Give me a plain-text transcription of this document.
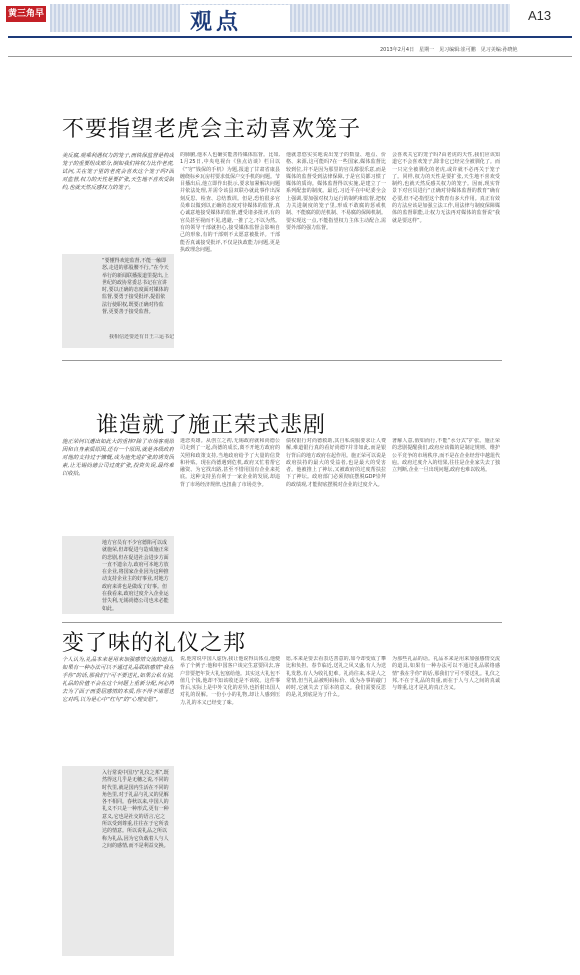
黄三角早报	观点	A13
2013年2月4日　星期一　见习编辑:崔可鹏　见习美编:孙晓艳
不要指望老虎会主动喜欢笼子
美反腐,观乘利遇权力的笼子,而铁保监督是构成笼子的重要组成部分,倒如我们将权力比作老虎,试问,关在笼子里的老虎会喜欢这个笼子吗?面对监督,权力的天性是要扩张,天生地不喜欢受制约,也就天然反感权力的笼子。

“要懂得欢迎监督,不能一触即怒,走进的那股腰不行。”在今天举行的新闻联播报道里提出,上世纪的政协常委总书记在宣讲时,要以正确的态度面对媒体的监督,要勇于接受批评,提倡依法行使职权,既要正确对待监督,更要善于接受监督。

的肺腑,他本人也确实能善待媒体监督。比如,1月25日,中央电视台《焦点访谈》栏目以《“穷”钱保的手机》为题,报道了甘肃省康县缠绕标乡瓦房村要求低保户交手机的问题。节目播出后,他立即作出批示,要求加紧解决问题并依法处理,并需令该县双联办就此事作出深刻反思、检查、总结教训。但是,恐怕很多官员难以做到以正确的态度对待媒体的监督,真心诚意地接受媒体的监督,遭受诸多批评,有的官员甚至视而不见,逃避,一推了之,不以为然。有的领导干部就担心,接受媒体监督会影响自己的形象,有的干部则不太愿意被批评。干部能否真诚接受批评,不仅是执政能力问题,更是执政理念问题。
他就忽悠实实地说出笼子的数量、地点、价格、来源,这可能吗?在一些国家,媒体监督比较到位,并不是因为那里的官员都很乐意,而是媒体的监督受到法律保障,于是官员都习惯了媒体的质询。媒体监督得以实施,是建立了一系列配套的制度。最近,习近平在中纪委全会上强调,要加强对权力运行的制约和监督,把权力关进制度的笼子里,形成不敢腐的惩戒机制、不能腐的防范机制、不易腐的保障机制。要实现这一点,不能指望权力主体主动配合,需要外部的强力监督。
会喜欢关它的笼子吗?由老虎的天性,我们应该知道它不会喜欢笼子,除非它已经完全被驯化了。而一只完全被驯化的老虎,或许就不必再关于笼子了。同样,权力的天性是要扩张,天生地不喜欢受制约,也就天然反感关权力的笼子。因而,现实背景下对官员进行“正确对待媒体监督的教育”确有必要,但不必指望这个教育有多大作用。真正有效的方法应该是加强立法工作,用法律与制度保障媒体的监督职能,让权力无法再对媒体的监督说“我就是要这样”。
谁造就了施正荣式悲剧
施正荣何以遭出如此大的重摔?除了市场客观原因和自身素质原因,还有一个原因,就是各级政府对他的支持过于慷慨,成为施先进扩张的诱发因素,让无锡尚德公司过度扩张,投资失误,最终难以收拾。

地方官员有不少官德陷可以成就施荣,但却促进与造成施正荣的悲剧,但在促进社会进步方面一直不遗余力,政府可本地方放在企业,将国家企业因为这种推动支持企业主的好事业,对地方政府来讲也是做成了好事。但在我看来,政府过度介入企业运营失利,无锡尚德公司也未必能如此。

迷恋英雄。从创立之初,无锡政府就和尚德公司走到了一起,尚德的成长,离不开地方政府的关照和政策支持,当地政府给予了大量的信贷和补贴。现在尚德遇到危机,政府又忙着帮它融资、为它找出路,甚至不惜用国有企业来托底。这种支持虽有利于一家企业的发展,却违背了市场经济规律,也扭曲了市场竞争。
债权银行对尚德救助,其自私说服要求让人费解,难道银行真的看好尚德?并非如此,而是银行背后的地方政府在起作用。施正荣可以说是政府扶持的最大的受益者,也是最大的受害者。他被推上了神坛,又被政府的过度帮扶拉下了神坛。政府部门必须彻底摆脱GDP崇拜的政绩观,才能彻底摆脱对企业的过度介入。
著解人意,假如而行,不能“水分式”扩张。施正荣的悲剧提醒我们,政府应该做的是制定规则、维护公平竞争的市场秩序,而不是在企业经营中越俎代庖。政府过度介入的结果,往往是企业家失去了独立判断,企业一旦出现问题,政府也难以收场。
变了味的礼仪之邦
个人认为,礼品本来是用来加强感情交流的道具,如果有一种办法可以不通过礼品联络感情“我在乎你”的话,那我们宁可不要送礼,如果公私有别,礼品的价值不会在这个问题上重新分配,何必再去为了面子而委屈感情的本质,你不得不请愿送它对吗,以为是心中“红句”的“心理安慰”。

入行常说中国乃“礼仪之邦”,既然得这几乎是无穗之说,不同的时代里,就是国内生活在不同的角色里,对于礼品与礼义的见解各不相同。春秋以来,中国人的礼义不只是一种形式,更有一种意义,它也是社交的语言,它之所以受到尊重,往往在于它所表达的情意。所以说礼品之所以称为礼品,因为它负载着人与人之间的感情,而不是利益交换。

说,他常说中国人虚伪,我让他说得具体点,他便举了个例子:他和中国客户谈完生意要回去,客户非要把年货大礼包塞给他。其实这大礼包不值几个钱,他却不知该收还是不该收。这件事背后,实际上是中外文化的差异,也折射出国人对礼的误解。一份小小的礼物,却让人感到压力,礼的本义已经变了味。
愿,本来是要去看表达善意的,如今却变成了攀比和负担。春节临近,送礼之风又盛,有人为送礼发愁,有人为收礼犯难。礼尚往来,本是人之常情,但当礼品被明码标价、成为办事的敲门砖时,它就失去了原本的意义。我们需要反思的是,礼到底是为了什么。
为那些礼品的话。礼品本来是用来加强感情交流的道具,如果有一种办法可以不通过礼品联络感情“我在乎你”的话,那我们宁可不要送礼。礼仪之邦,不在于礼品的贵重,而在于人与人之间的真诚与尊重,这才是礼的真正含义。
我相信还要还有日王三运书记
